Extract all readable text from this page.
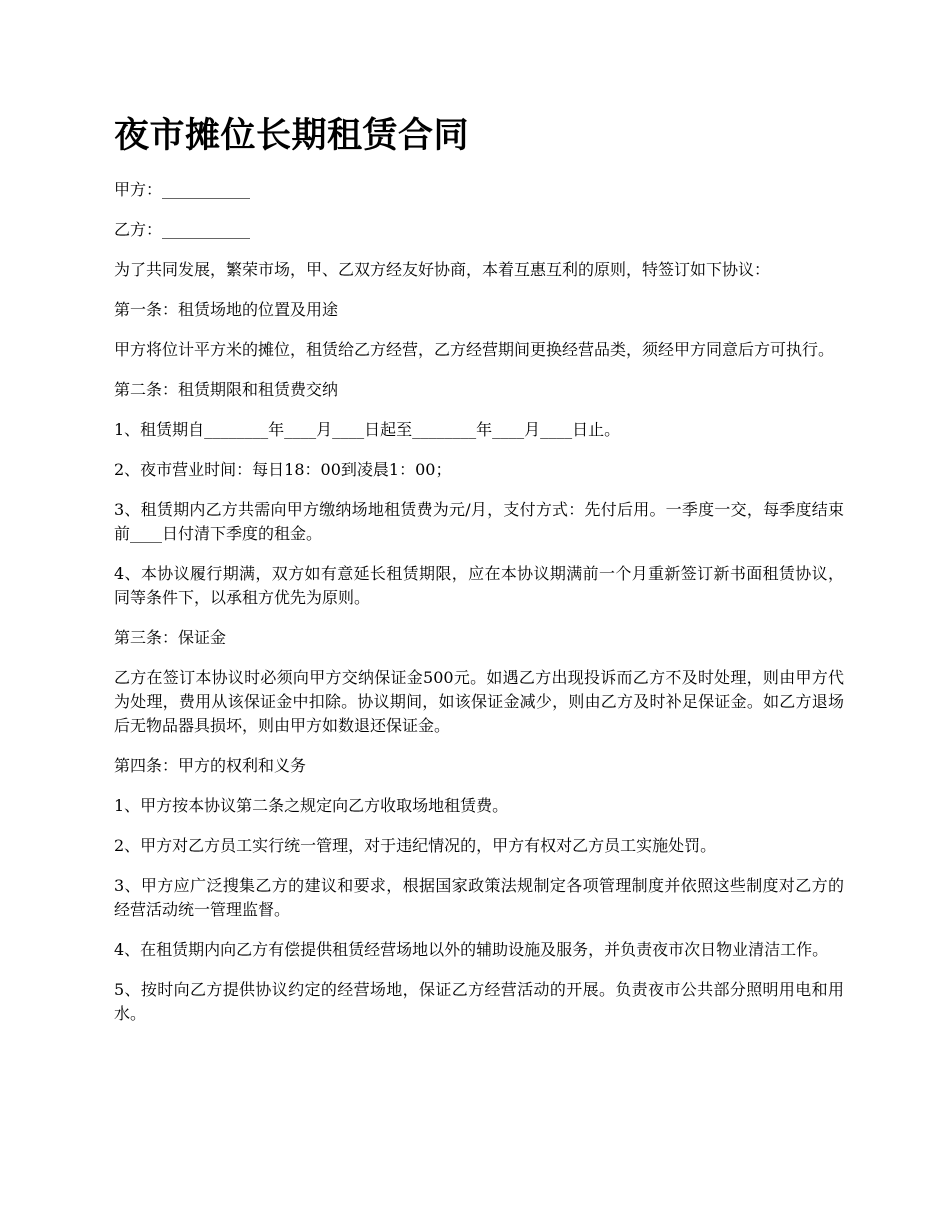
夜市摊位长期租赁合同

甲方：___________

乙方：___________

为了共同发展，繁荣市场，甲、乙双方经友好协商，本着互惠互利的原则，特签订如下协议：

第一条：租赁场地的位置及用途

甲方将位计平方米的摊位，租赁给乙方经营，乙方经营期间更换经营品类，须经甲方同意后方可执行。

第二条：租赁期限和租赁费交纳

1、租赁期自________年____月____日起至________年____月____日止。

2、夜市营业时间：每日18：00到凌晨1：00；

3、租赁期内乙方共需向甲方缴纳场地租赁费为元/月，支付方式：先付后用。一季度一交，每季度结束前____日付清下季度的租金。

4、本协议履行期满，双方如有意延长租赁期限，应在本协议期满前一个月重新签订新书面租赁协议，同等条件下，以承租方优先为原则。

第三条：保证金

乙方在签订本协议时必须向甲方交纳保证金500元。如遇乙方出现投诉而乙方不及时处理，则由甲方代为处理，费用从该保证金中扣除。协议期间，如该保证金减少，则由乙方及时补足保证金。如乙方退场后无物品器具损坏，则由甲方如数退还保证金。

第四条：甲方的权利和义务

1、甲方按本协议第二条之规定向乙方收取场地租赁费。

2、甲方对乙方员工实行统一管理，对于违纪情况的，甲方有权对乙方员工实施处罚。

3、甲方应广泛搜集乙方的建议和要求，根据国家政策法规制定各项管理制度并依照这些制度对乙方的经营活动统一管理监督。

4、在租赁期内向乙方有偿提供租赁经营场地以外的辅助设施及服务，并负责夜市次日物业清洁工作。

5、按时向乙方提供协议约定的经营场地，保证乙方经营活动的开展。负责夜市公共部分照明用电和用水。
